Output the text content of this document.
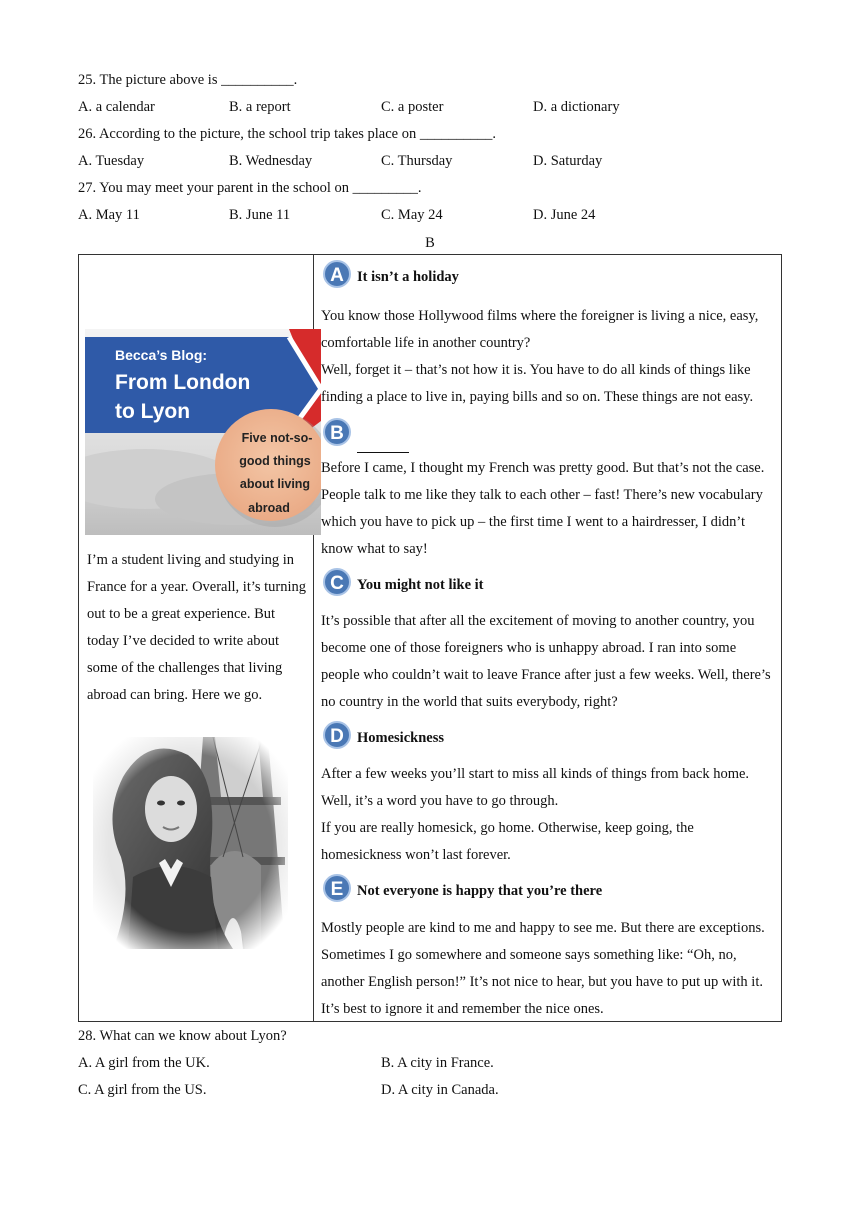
25. The picture above is __________.
A. a calendar	B. a report	C. a poster	D. a dictionary
26. According to the picture, the school trip takes place on __________.
A. Tuesday	B. Wednesday	C. Thursday	D. Saturday
27. You may meet your parent in the school on _________.
A. May 11	B. June 11	C. May 24	D. June 24
B
Becca’s Blog:
From London
to Lyon
Five not-so-
good things
about living
abroad
I’m a student living and studying in France for a year. Overall, it’s turning out to be a great experience. But today I’ve decided to write about some of the challenges that living abroad can bring. Here we go.

A It isn’t a holiday
You know those Hollywood films where the foreigner is living a nice, easy, comfortable life in another country?
Well, forget it – that’s not how it is. You have to do all kinds of things like finding a place to live in, paying bills and so on. These things are not easy.
B
Before I came, I thought my French was pretty good. But that’s not the case. People talk to me like they talk to each other – fast! There’s new vocabulary which you have to pick up – the first time I went to a hairdresser, I didn’t know what to say!
C You might not like it
It’s possible that after all the excitement of moving to another country, you become one of those foreigners who is unhappy abroad. I ran into some people who couldn’t wait to leave France after just a few weeks. Well, there’s no country in the world that suits everybody, right?
D Homesickness
After a few weeks you’ll start to miss all kinds of things from back home. Well, it’s a word you have to go through.
If you are really homesick, go home. Otherwise, keep going, the homesickness won’t last forever.
E Not everyone is happy that you’re there
Mostly people are kind to me and happy to see me. But there are exceptions. Sometimes I go somewhere and someone says something like: “Oh, no, another English person!” It’s not nice to hear, but you have to put up with it. It’s best to ignore it and remember the nice ones.
28. What can we know about Lyon?
A. A girl from the UK.	B. A city in France.
C. A girl from the US.	D. A city in Canada.
